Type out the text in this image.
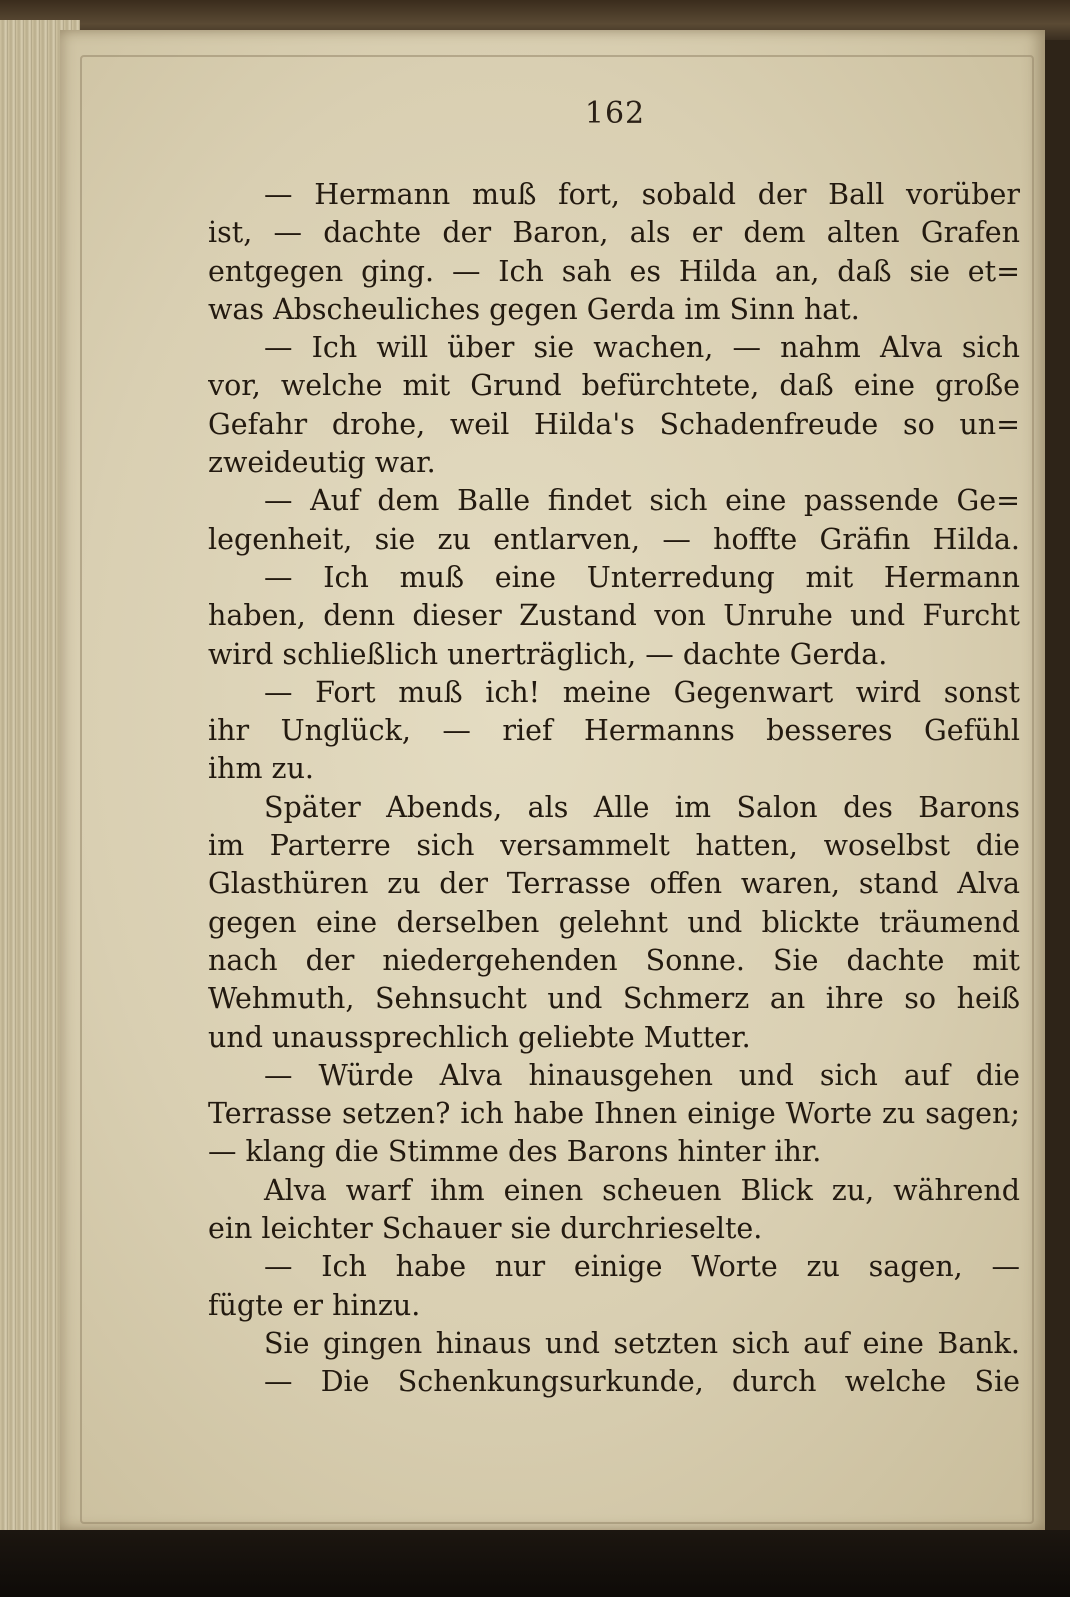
162
— Hermann muß fort, sobald der Ball vorüber
ist, — dachte der Baron, als er dem alten Grafen
entgegen ging. — Ich sah es Hilda an, daß sie et=
was Abscheuliches gegen Gerda im Sinn hat.
— Ich will über sie wachen, — nahm Alva sich
vor, welche mit Grund befürchtete, daß eine große
Gefahr drohe, weil Hilda's Schadenfreude so un=
zweideutig war.
— Auf dem Balle findet sich eine passende Ge=
legenheit, sie zu entlarven, — hoffte Gräfin Hilda.
— Ich muß eine Unterredung mit Hermann
haben, denn dieser Zustand von Unruhe und Furcht
wird schließlich unerträglich, — dachte Gerda.
— Fort muß ich! meine Gegenwart wird sonst
ihr Unglück, — rief Hermanns besseres Gefühl
ihm zu.
Später Abends, als Alle im Salon des Barons
im Parterre sich versammelt hatten, woselbst die
Glasthüren zu der Terrasse offen waren, stand Alva
gegen eine derselben gelehnt und blickte träumend
nach der niedergehenden Sonne. Sie dachte mit
Wehmuth, Sehnsucht und Schmerz an ihre so heiß
und unaussprechlich geliebte Mutter.
— Würde Alva hinausgehen und sich auf die
Terrasse setzen? ich habe Ihnen einige Worte zu sagen;
— klang die Stimme des Barons hinter ihr.
Alva warf ihm einen scheuen Blick zu, während
ein leichter Schauer sie durchrieselte.
— Ich habe nur einige Worte zu sagen, —
fügte er hinzu.
Sie gingen hinaus und setzten sich auf eine Bank.
— Die Schenkungsurkunde, durch welche Sie
